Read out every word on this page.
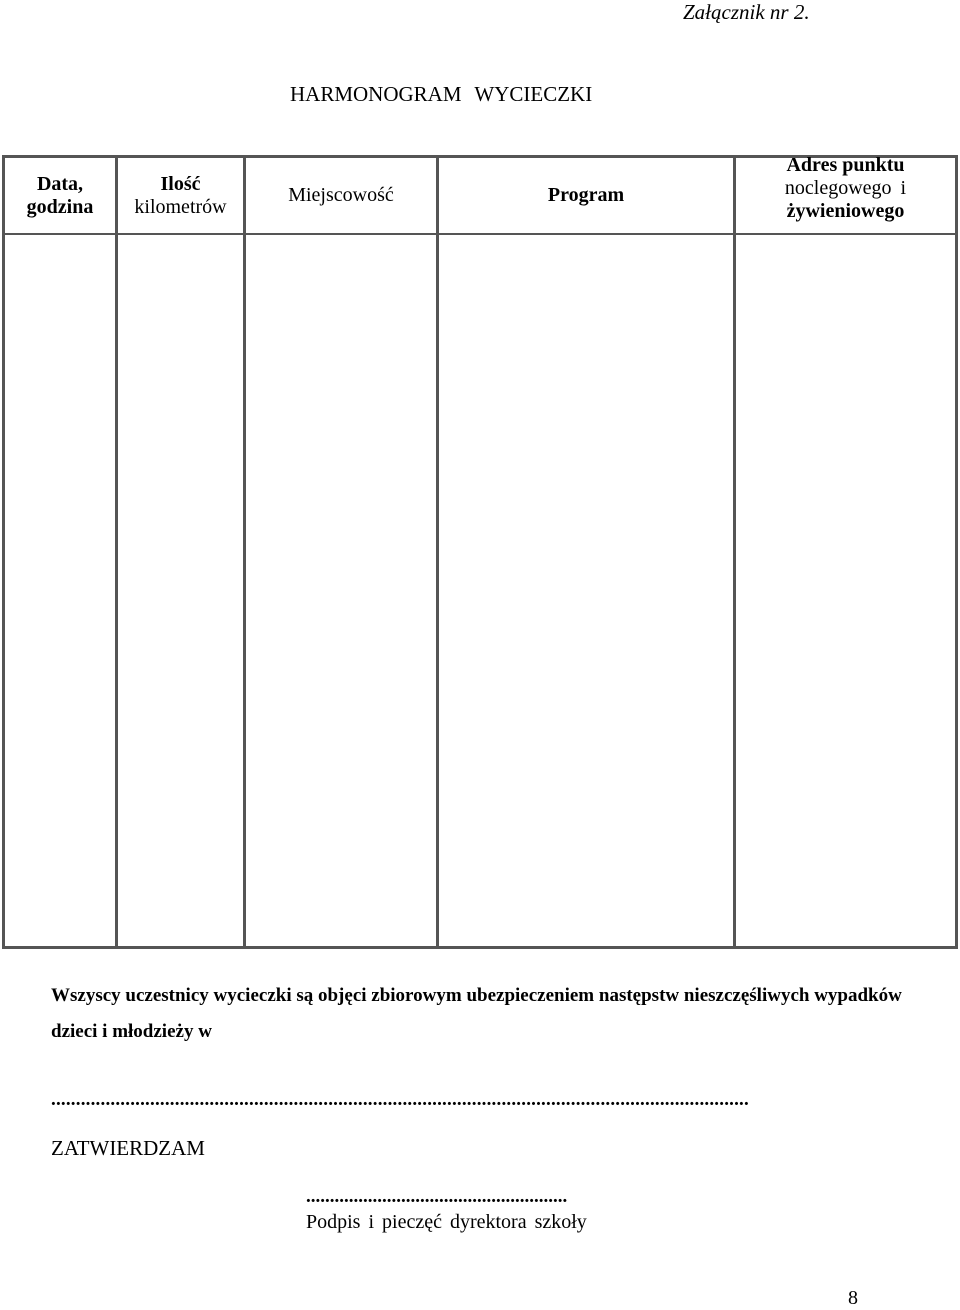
Załącznik nr 2.
HARMONOGRAM WYCIECZKI
Data,
godzina
Ilość
kilometrów
Miejscowość	Program
Adres punktu
noclegowego i
żywieniowego
Wszyscy uczestnicy wycieczki są objęci zbiorowym ubezpieczeniem następstw nieszczęśliwych wypadków dzieci i młodzieży w
.............................................................................................................................................
ZATWIERDZAM
.......................................................
Podpis i pieczęć dyrektora szkoły
8
